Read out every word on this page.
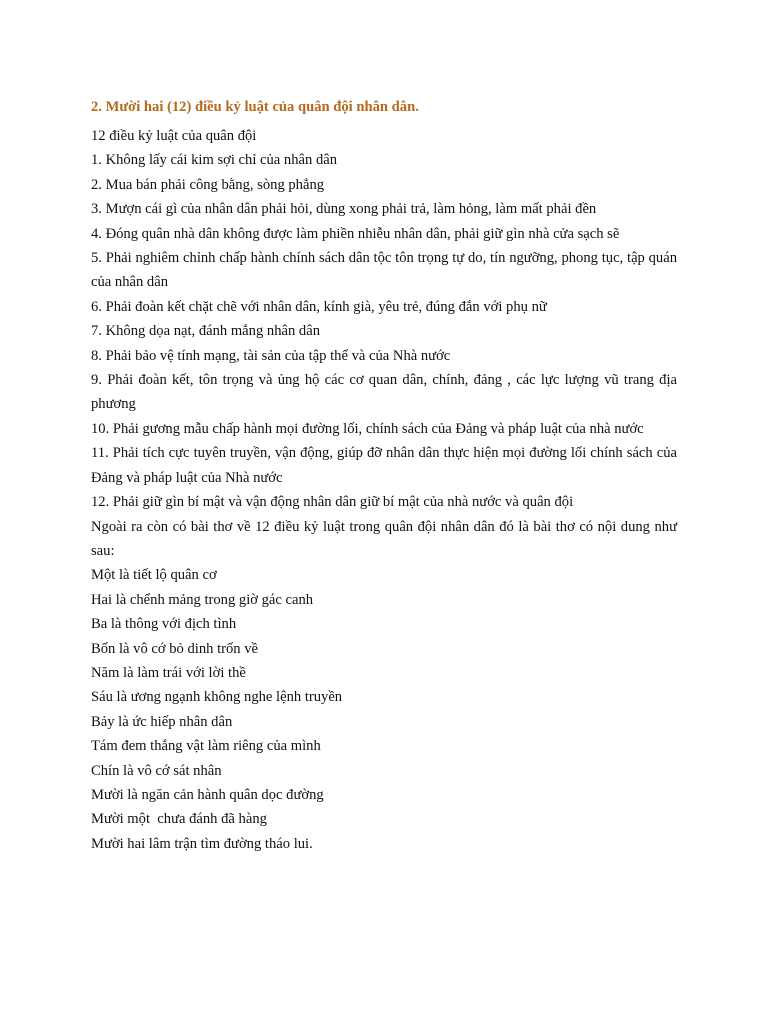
2. Mười hai (12) điều kỷ luật của quân đội nhân dân.
12 điều kỷ luật của quân đội
1. Không lấy cái kim sợi chỉ của nhân dân
2. Mua bán phải công bằng, sòng phẳng
3. Mượn cái gì của nhân dân phải hỏi, dùng xong phải trả, làm hỏng, làm mất phải đền
4. Đóng quân nhà dân không được làm phiền nhiễu nhân dân, phải giữ gìn nhà cửa sạch sẽ
5. Phải nghiêm chỉnh chấp hành chính sách dân tộc tôn trọng tự do, tín ngưỡng, phong tục, tập quán của nhân dân
6. Phải đoàn kết chặt chẽ với nhân dân, kính già, yêu trẻ, đúng đắn với phụ nữ
7. Không dọa nạt, đánh mắng nhân dân
8. Phải bảo vệ tính mạng, tài sản của tập thể và của Nhà nước
9. Phải đoàn kết, tôn trọng và ủng hộ các cơ quan dân, chính, đảng , các lực lượng vũ trang địa phương
10. Phải gương mẫu chấp hành mọi đường lối, chính sách của Đảng và pháp luật của nhà nước
11. Phải tích cực tuyên truyền, vận động, giúp đỡ nhân dân thực hiện mọi đường lối chính sách của Đảng và pháp luật của Nhà nước
12. Phải giữ gìn bí mật và vận động nhân dân giữ bí mật của nhà nước và quân đội
Ngoài ra còn có bài thơ về 12 điều kỷ luật trong quân đội nhân dân đó là bài thơ có nội dung như sau:
Một là tiết lộ quân cơ
Hai là chểnh mảng trong giờ gác canh
Ba là thông với địch tình
Bốn là vô cớ bỏ dinh trốn về
Năm là làm trái với lời thề
Sáu là ương ngạnh không nghe lệnh truyền
Bảy là ức hiếp nhân dân
Tám đem thắng vật làm riêng của mình
Chín là vô cớ sát nhân
Mười là ngăn cản hành quân dọc đường
Mười một  chưa đánh đã hàng
Mười hai lâm trận tìm đường tháo lui.
